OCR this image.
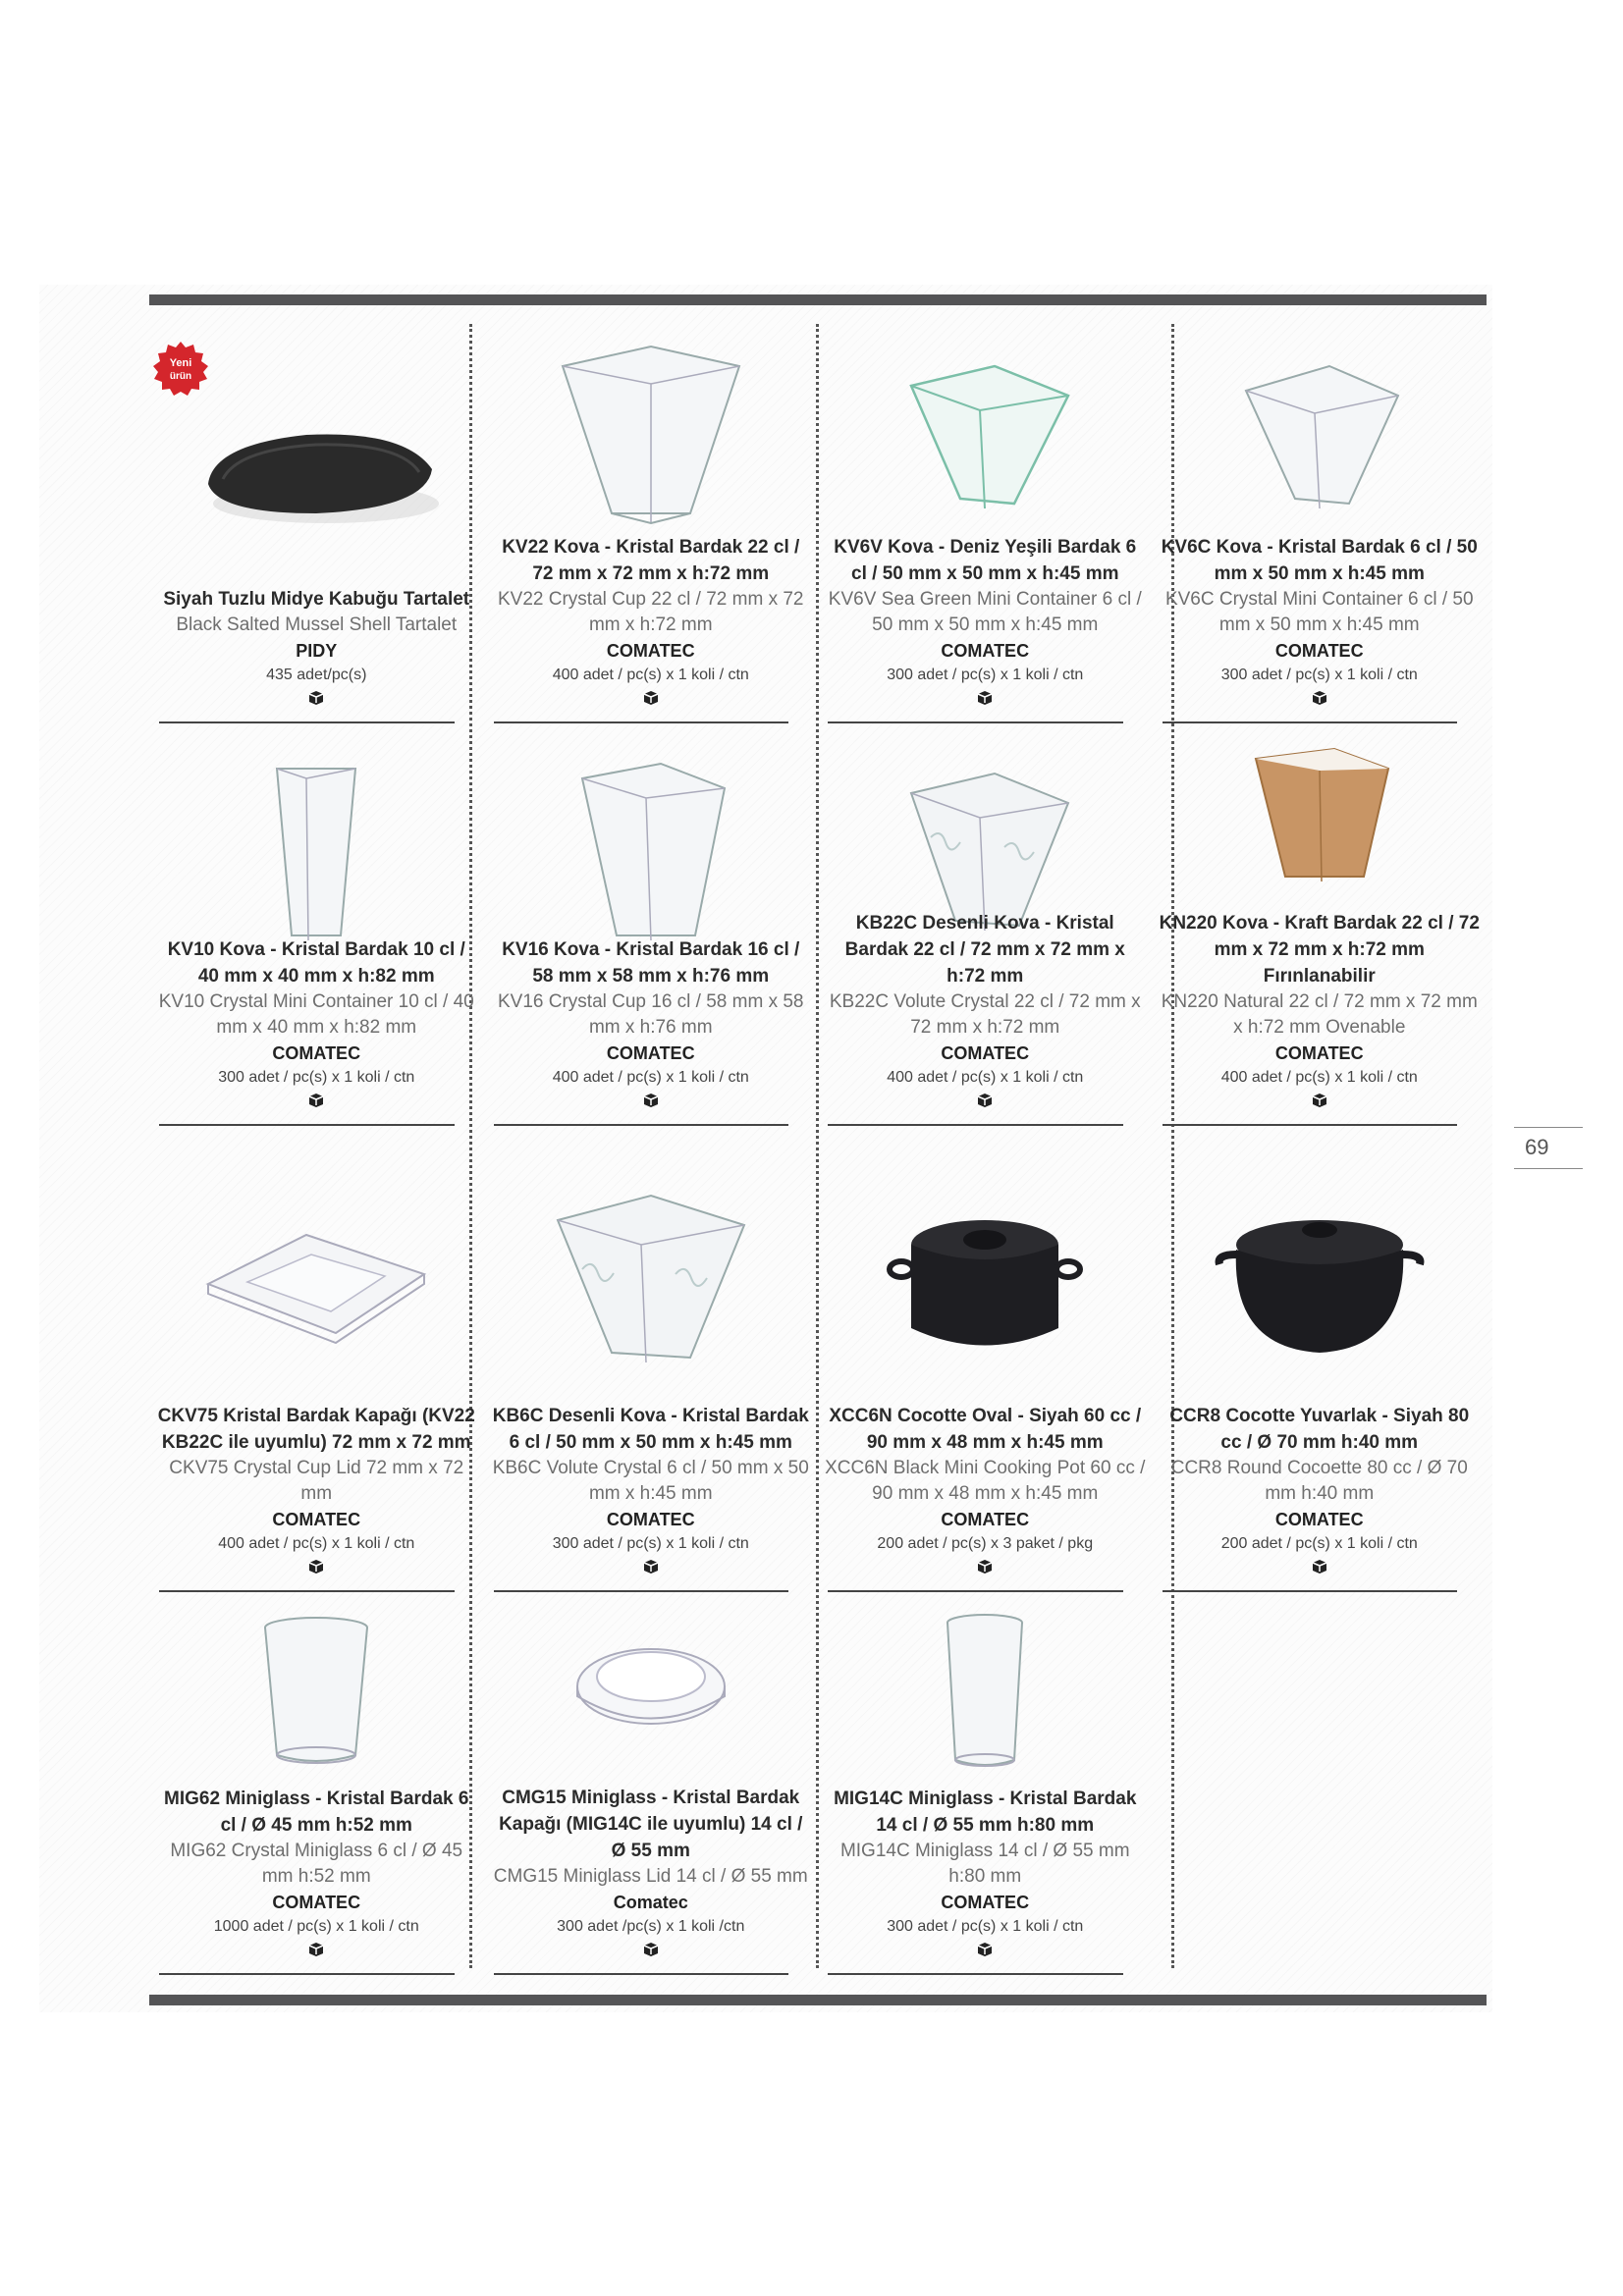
Yeni
ürün
Siyah Tuzlu Midye Kabuğu Tartalet
Black Salted Mussel Shell Tartalet
PIDY
435 adet/pc(s)
KV22 Kova - Kristal Bardak 22 cl / 72 mm x 72 mm x h:72 mm
KV22 Crystal Cup 22 cl / 72 mm x 72 mm x h:72 mm
COMATEC
400 adet / pc(s) x 1 koli / ctn
KV6V Kova - Deniz Yeşili Bardak 6 cl / 50 mm x 50 mm x h:45 mm
KV6V Sea Green Mini Container 6 cl / 50 mm x 50 mm x h:45 mm
COMATEC
300 adet / pc(s) x 1 koli / ctn
KV6C Kova - Kristal Bardak 6 cl / 50 mm x 50 mm x h:45 mm
KV6C Crystal Mini Container 6 cl / 50 mm x 50 mm x h:45 mm
COMATEC
300 adet / pc(s) x 1 koli / ctn
KV10 Kova - Kristal Bardak 10 cl / 40 mm x 40 mm x h:82 mm
KV10 Crystal Mini Container 10 cl / 40 mm x 40 mm x h:82 mm
COMATEC
300 adet / pc(s) x 1 koli / ctn
KV16 Kova - Kristal Bardak 16 cl / 58 mm x 58 mm x h:76 mm
KV16 Crystal Cup 16 cl / 58 mm x 58 mm x h:76 mm
COMATEC
400 adet / pc(s) x 1 koli / ctn
KB22C Desenli Kova - Kristal Bardak 22 cl / 72 mm x 72 mm x h:72 mm
KB22C Volute Crystal 22 cl / 72 mm x 72 mm x h:72 mm
COMATEC
400 adet / pc(s) x 1 koli / ctn
KN220 Kova - Kraft Bardak 22 cl / 72 mm x 72 mm x h:72 mm Fırınlanabilir
KN220 Natural 22 cl / 72 mm x 72 mm x h:72 mm Ovenable
COMATEC
400 adet / pc(s) x 1 koli / ctn
CKV75 Kristal Bardak Kapağı (KV22 KB22C ile uyumlu) 72 mm x 72 mm
CKV75 Crystal Cup Lid 72 mm x 72 mm
COMATEC
400 adet / pc(s) x 1 koli / ctn
KB6C Desenli Kova - Kristal Bardak 6 cl / 50 mm x 50 mm x h:45 mm
KB6C Volute Crystal 6 cl / 50 mm x 50 mm x h:45 mm
COMATEC
300 adet / pc(s) x 1 koli / ctn
XCC6N Cocotte Oval - Siyah 60 cc / 90 mm x 48 mm x h:45 mm
XCC6N Black Mini Cooking Pot 60 cc / 90 mm x 48 mm x h:45 mm
COMATEC
200 adet / pc(s) x 3 paket / pkg
CCR8 Cocotte Yuvarlak - Siyah 80 cc / Ø 70 mm h:40 mm
CCR8 Round Cocoette 80 cc / Ø 70 mm h:40 mm
COMATEC
200 adet / pc(s) x 1 koli / ctn
MIG62 Miniglass - Kristal Bardak 6 cl / Ø 45 mm h:52 mm
MIG62 Crystal Miniglass 6 cl / Ø 45 mm h:52 mm
COMATEC
1000 adet / pc(s) x 1 koli / ctn
CMG15 Miniglass - Kristal Bardak Kapağı (MIG14C ile uyumlu) 14 cl / Ø 55 mm
CMG15 Miniglass Lid 14 cl / Ø 55 mm
Comatec
300 adet /pc(s) x 1 koli /ctn
MIG14C Miniglass - Kristal Bardak 14 cl / Ø 55 mm h:80 mm
MIG14C Miniglass 14 cl / Ø 55 mm h:80 mm
COMATEC
300 adet / pc(s) x 1 koli / ctn
69
